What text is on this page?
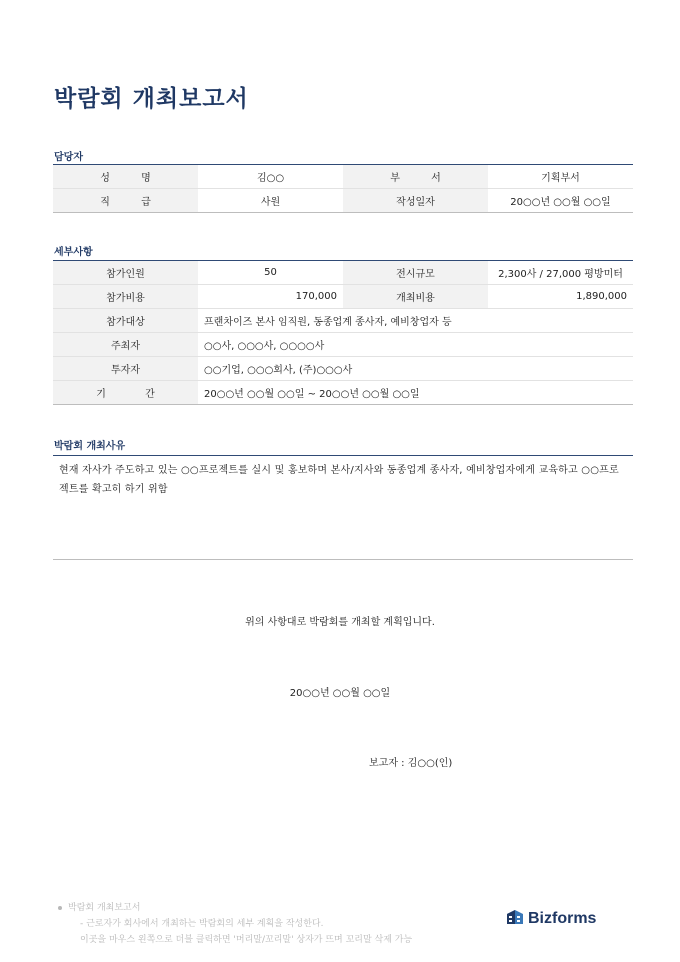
박람회 개최보고서
담당자
성 명	김○○	부 서	기획부서
직 급	사원	작성일자	20○○년 ○○월 ○○일
세부사항
참가인원	50	전시규모	2,300사 / 27,000 평방미터
참가비용	170,000	개최비용	1,890,000
참가대상	프랜차이즈 본사 임직원, 동종업계 종사자, 예비창업자 등		
주최자	○○사, ○○○사, ○○○○사		
투자자	○○기업, ○○○회사, (주)○○○사		
기 간	20○○년 ○○월 ○○일 ~ 20○○년 ○○월 ○○일		
박람회 개최사유
현재 자사가 주도하고 있는 ○○프로젝트를 실시 및 홍보하며 본사/지사와 동종업계 종사자, 예비창업자에게 교육하고 ○○프로젝트를 확고히 하기 위함
위의 사항대로 박람회를 개최할 계획입니다.
20○○년 ○○월 ○○일
보고자 : 김○○(인)
박람회 개최보고서
- 근로자가 회사에서 개최하는 박람회의 세부 계획을 작성한다.
이곳을 마우스 왼쪽으로 더블 클릭하면 '머리말/꼬리말' 상자가 뜨며 꼬리말 삭제 가능
Bizforms
